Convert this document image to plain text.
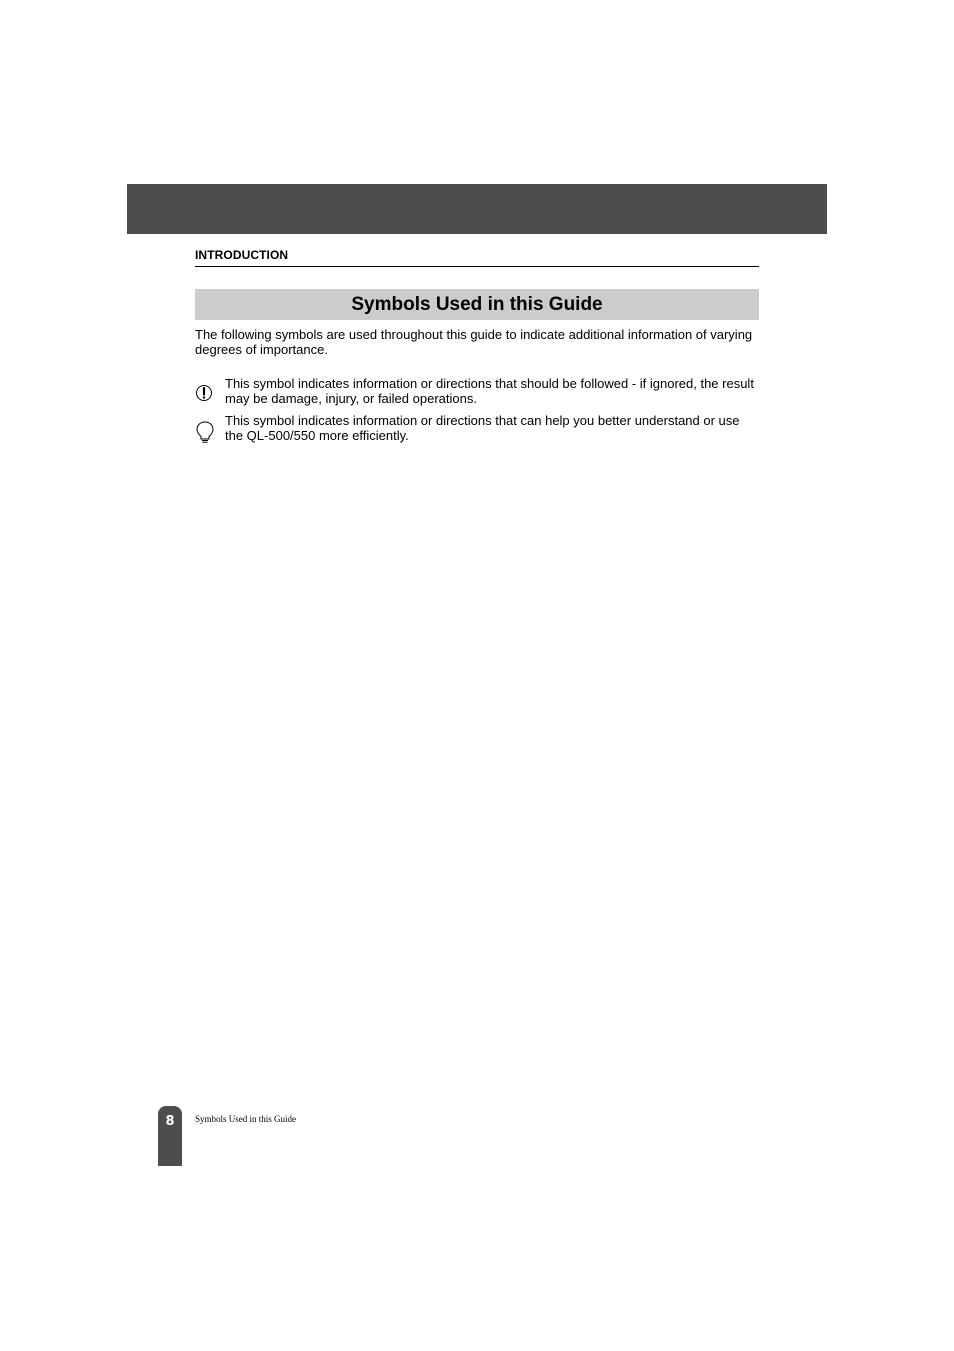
INTRODUCTION
Symbols Used in this Guide

The following symbols are used throughout this guide to indicate additional information of varying degrees of importance.

This symbol indicates information or directions that should be followed - if ignored, the result may be damage, injury, or failed operations.

This symbol indicates information or directions that can help you better understand or use the QL-500/550 more efficiently.

8	Symbols Used in this Guide
